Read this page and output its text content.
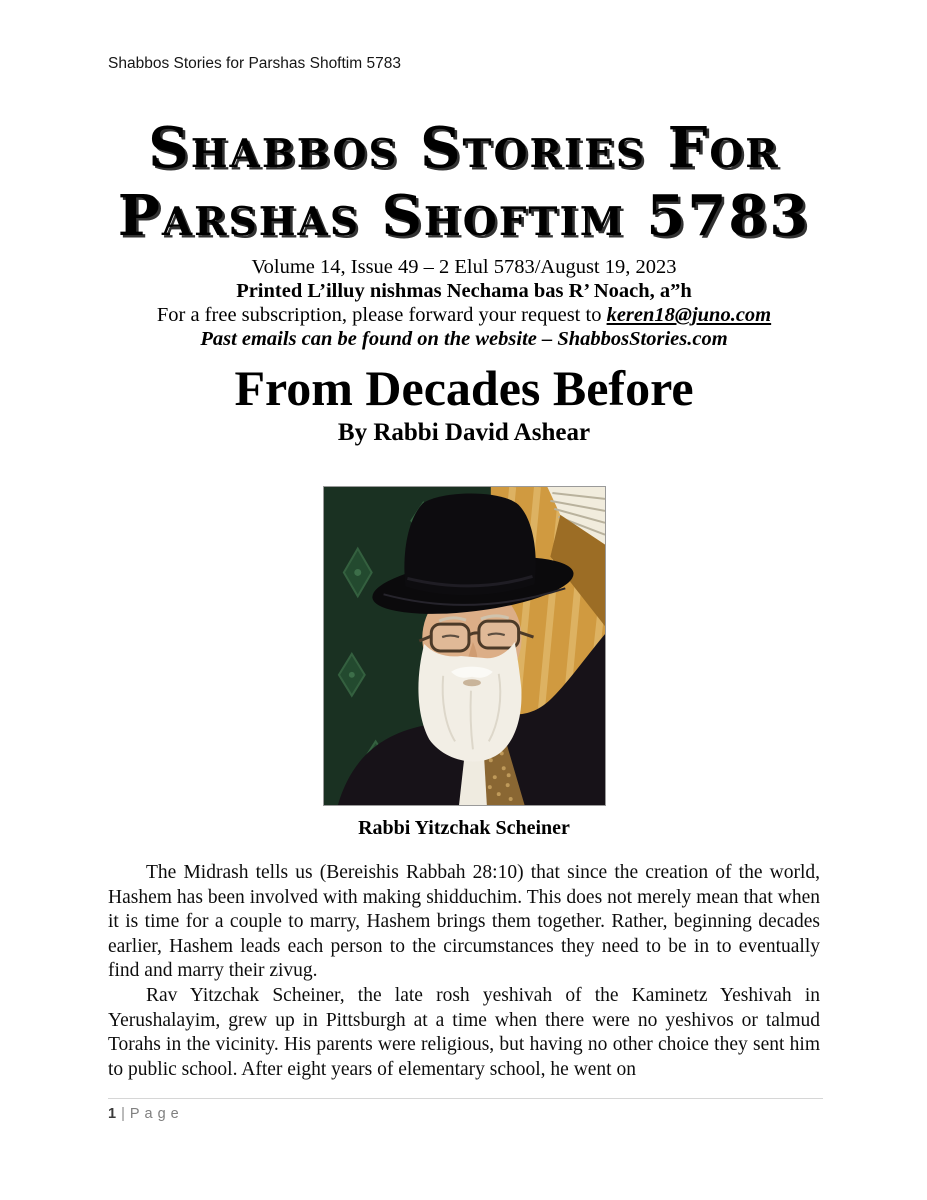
Shabbos Stories for Parshas Shoftim 5783
Shabbos Stories For
Parshas Shoftim 5783

Volume 14, Issue 49 – 2 Elul 5783/August 19, 2023

Printed L’illuy nishmas Nechama bas R’ Noach, a”h

For a free subscription, please forward your request to keren18@juno.com

Past emails can be found on the website – ShabbosStories.com

From Decades Before
By Rabbi David Ashear
Rabbi Yitzchak Scheiner

The Midrash tells us (Bereishis Rabbah 28:10) that since the creation of the world, Hashem has been involved with making shidduchim. This does not merely mean that when it is time for a couple to marry, Hashem brings them together. Rather, beginning decades earlier, Hashem leads each person to the circumstances they need to be in to eventually find and marry their zivug.

Rav Yitzchak Scheiner, the late rosh yeshivah of the Kaminetz Yeshivah in Yerushalayim, grew up in Pittsburgh at a time when there were no yeshivos or talmud Torahs in the vicinity. His parents were religious, but having no other choice they sent him to public school. After eight years of elementary school, he went on

1 | Page
